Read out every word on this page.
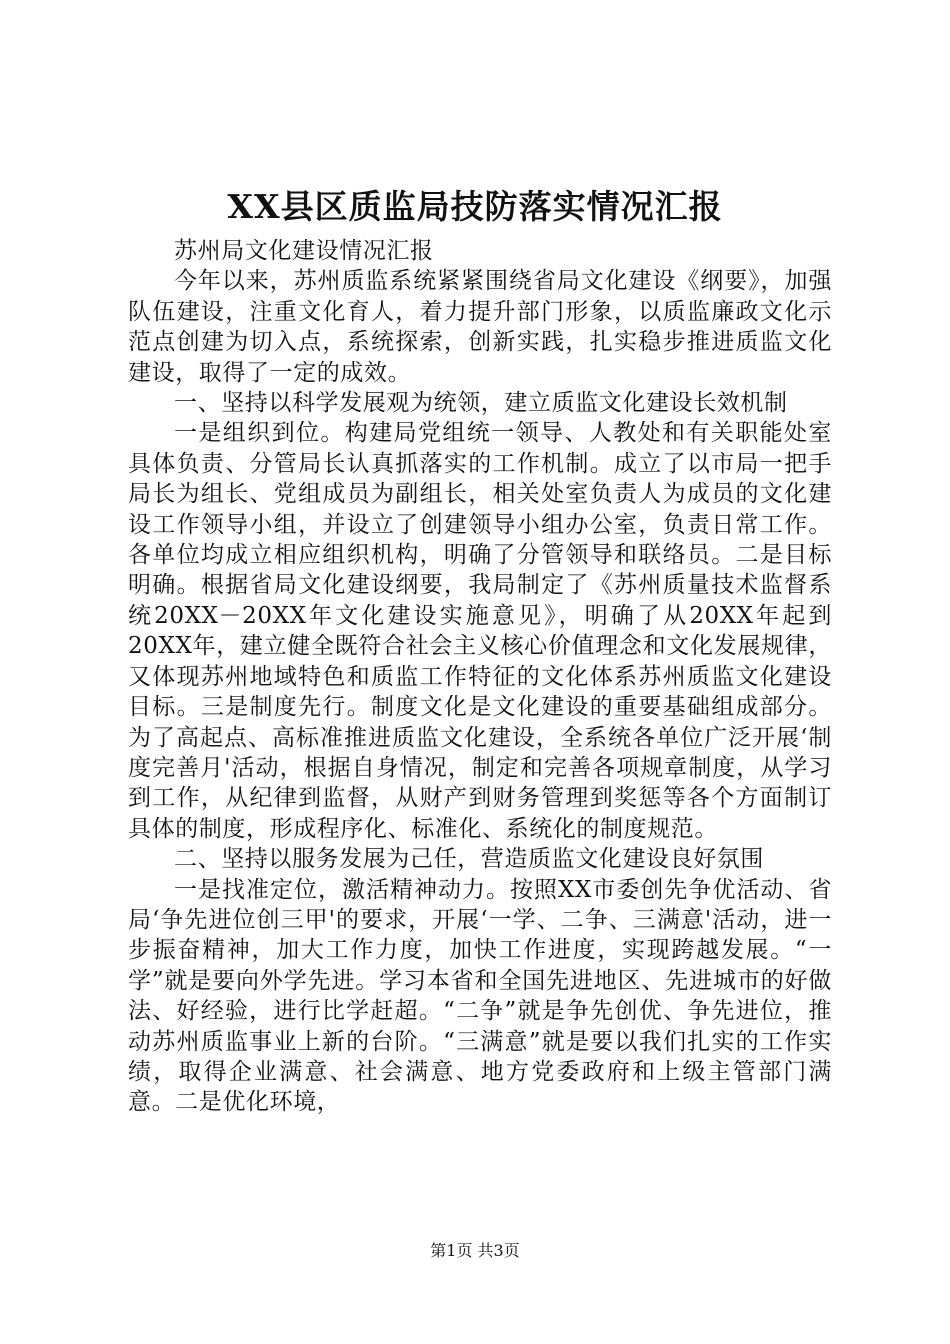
XX县区质监局技防落实情况汇报

苏州局文化建设情况汇报

今年以来，苏州质监系统紧紧围绕省局文化建设《纲要》，加强队伍建设，注重文化育人，着力提升部门形象，以质监廉政文化示范点创建为切入点，系统探索，创新实践，扎实稳步推进质监文化建设，取得了一定的成效。

一、坚持以科学发展观为统领，建立质监文化建设长效机制

一是组织到位。构建局党组统一领导、人教处和有关职能处室具体负责、分管局长认真抓落实的工作机制。成立了以市局一把手局长为组长、党组成员为副组长，相关处室负责人为成员的文化建设工作领导小组，并设立了创建领导小组办公室，负责日常工作。各单位均成立相应组织机构，明确了分管领导和联络员。二是目标明确。根据省局文化建设纲要，我局制定了《苏州质量技术监督系统20XX－20XX年文化建设实施意见》，明确了从20XX年起到20XX年，建立健全既符合社会主义核心价值理念和文化发展规律，又体现苏州地域特色和质监工作特征的文化体系苏州质监文化建设目标。三是制度先行。制度文化是文化建设的重要基础组成部分。为了高起点、高标准推进质监文化建设，全系统各单位广泛开展‘制度完善月'活动，根据自身情况，制定和完善各项规章制度，从学习到工作，从纪律到监督，从财产到财务管理到奖惩等各个方面制订具体的制度，形成程序化、标准化、系统化的制度规范。

二、坚持以服务发展为己任，营造质监文化建设良好氛围

一是找准定位，激活精神动力。按照XX市委创先争优活动、省局‘争先进位创三甲'的要求，开展‘一学、二争、三满意'活动，进一步振奋精神，加大工作力度，加快工作进度，实现跨越发展。“一学”就是要向外学先进。学习本省和全国先进地区、先进城市的好做法、好经验，进行比学赶超。“二争”就是争先创优、争先进位，推动苏州质监事业上新的台阶。“三满意”就是要以我们扎实的工作实绩，取得企业满意、社会满意、地方党委政府和上级主管部门满意。二是优化环境，

第1页 共3页
